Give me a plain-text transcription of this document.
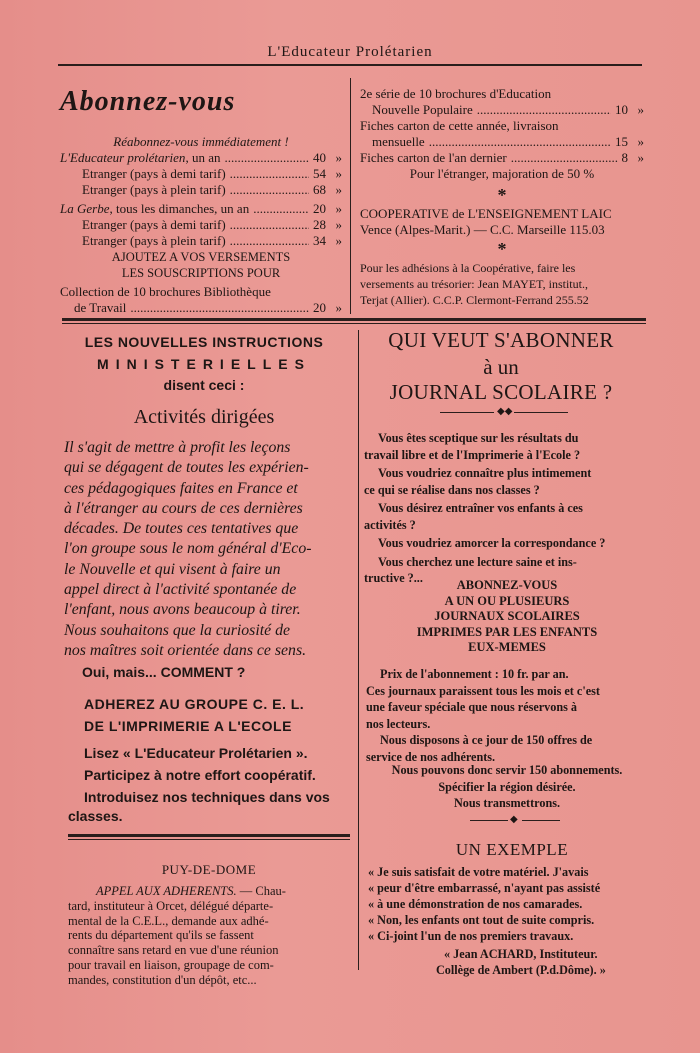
L'Educateur Prolétarien
Abonnez-vous
Réabonnez-vous immédiatement !
L'Educateur prolétarien, un an .....	40 »
Etranger (pays à demi tarif) .....	54 »
Etranger (pays à plein tarif) .....	68 »
La Gerbe, tous les dimanches, un an .....	20 »
Etranger (pays à demi tarif) .....	28 »
Etranger (pays à plein tarif) .....	34 »
AJOUTEZ A VOS VERSEMENTS
LES SOUSCRIPTIONS POUR
Collection de 10 brochures Bibliothèque
de Travail .....	20 »
2e série de 10 brochures d'Education
Nouvelle Populaire .....	10 »
Fiches carton de cette année, livraison
mensuelle .....	15 »
Fiches carton de l'an dernier .....	8 »
Pour l'étranger, majoration de 50 %
*
COOPERATIVE de L'ENSEIGNEMENT LAIC
Vence (Alpes-Marit.) — C.C. Marseille 115.03
*
Pour les adhésions à la Coopérative, faire les
versements au trésorier: Jean MAYET, institut.,
Terjat (Allier). C.C.P. Clermont-Ferrand 255.52
LES NOUVELLES INSTRUCTIONS
MINISTERIELLES
disent ceci :
Activités dirigées
Il s'agit de mettre à profit les leçons
qui se dégagent de toutes les expérien-
ces pédagogiques faites en France et
à l'étranger au cours de ces dernières
décades. De toutes ces tentatives que
l'on groupe sous le nom général d'Eco-
le Nouvelle et qui visent à faire un
appel direct à l'activité spontanée de
l'enfant, nous avons beaucoup à tirer.
Nous souhaitons que la curiosité de
nos maîtres soit orientée dans ce sens.
Oui, mais... COMMENT ?
ADHEREZ AU GROUPE C. E. L.
DE L'IMPRIMERIE A L'ECOLE
Lisez « L'Educateur Prolétarien ».
Participez à notre effort coopératif.
Introduisez nos techniques dans vos
classes.
PUY-DE-DOME
APPEL AUX ADHERENTS. — Chau-
tard, instituteur à Orcet, délégué départe-
mental de la C.E.L., demande aux adhé-
rents du département qu'ils se fassent
connaître sans retard en vue d'une réunion
pour travail en liaison, groupage de com-
mandes, constitution d'un dépôt, etc...
QUI VEUT S'ABONNER
à un
JOURNAL SCOLAIRE ?
◆◆
Vous êtes sceptique sur les résultats du
travail libre et de l'Imprimerie à l'Ecole ?
Vous voudriez connaître plus intimement
ce qui se réalise dans nos classes ?
Vous désirez entraîner vos enfants à ces
activités ?
Vous voudriez amorcer la correspondance ?
Vous cherchez une lecture saine et ins-
tructive ?...	ABONNEZ-VOUS
A UN OU PLUSIEURS
JOURNAUX SCOLAIRES
IMPRIMES PAR LES ENFANTS
EUX-MEMES
Prix de l'abonnement : 10 fr. par an.
Ces journaux paraissent tous les mois et c'est
une faveur spéciale que nous réservons à
nos lecteurs.
Nous disposons à ce jour de 150 offres de
service de nos adhérents.
Nous pouvons donc servir 150 abonnements.
Spécifier la région désirée.
Nous transmettrons.
◆
UN EXEMPLE
« Je suis satisfait de votre matériel. J'avais
« peur d'être embarrassé, n'ayant pas assisté
« à une démonstration de nos camarades.
« Non, les enfants ont tout de suite compris.
« Ci-joint l'un de nos premiers travaux.
« Jean ACHARD, Instituteur.
Collège de Ambert (P.d.Dôme). »
